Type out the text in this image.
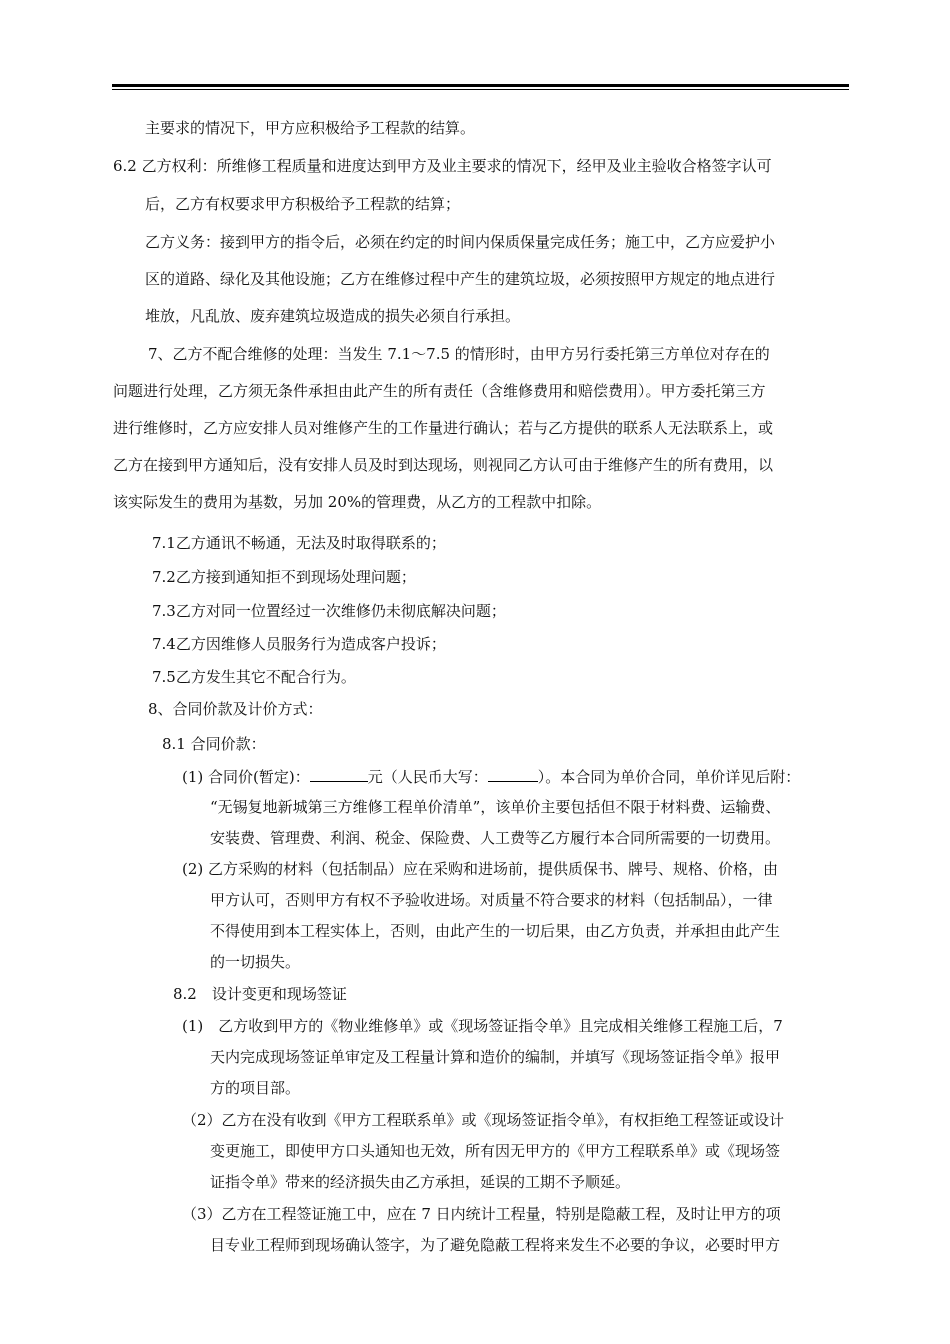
主要求的情况下，甲方应积极给予工程款的结算。
6.2 乙方权利：所维修工程质量和进度达到甲方及业主要求的情况下，经甲及业主验收合格签字认可
后，乙方有权要求甲方积极给予工程款的结算；
乙方义务：接到甲方的指令后，必须在约定的时间内保质保量完成任务；施工中，乙方应爱护小
区的道路、绿化及其他设施；乙方在维修过程中产生的建筑垃圾，必须按照甲方规定的地点进行
堆放，凡乱放、废弃建筑垃圾造成的损失必须自行承担。
7、乙方不配合维修的处理：当发生 7.1～7.5 的情形时，由甲方另行委托第三方单位对存在的
问题进行处理，乙方须无条件承担由此产生的所有责任（含维修费用和赔偿费用）。甲方委托第三方
进行维修时，乙方应安排人员对维修产生的工作量进行确认；若与乙方提供的联系人无法联系上，或
乙方在接到甲方通知后，没有安排人员及时到达现场，则视同乙方认可由于维修产生的所有费用，以
该实际发生的费用为基数，另加 20%的管理费，从乙方的工程款中扣除。
7.1乙方通讯不畅通，无法及时取得联系的；
7.2乙方接到通知拒不到现场处理问题；
7.3乙方对同一位置经过一次维修仍未彻底解决问题；
7.4乙方因维修人员服务行为造成客户投诉；
7.5乙方发生其它不配合行为。
8、合同价款及计价方式：
8.1 合同价款：
(1) 合同价(暂定)：	元（人民币大写：	）。本合同为单价合同，单价详见后附：
“无锡复地新城第三方维修工程单价清单”，该单价主要包括但不限于材料费、运输费、
安装费、管理费、利润、税金、保险费、人工费等乙方履行本合同所需要的一切费用。
(2) 乙方采购的材料（包括制品）应在采购和进场前，提供质保书、牌号、规格、价格，由
甲方认可，否则甲方有权不予验收进场。对质量不符合要求的材料（包括制品），一律
不得使用到本工程实体上，否则，由此产生的一切后果，由乙方负责，并承担由此产生
的一切损失。
8.2　设计变更和现场签证
(1)　乙方收到甲方的《物业维修单》或《现场签证指令单》且完成相关维修工程施工后，7
天内完成现场签证单审定及工程量计算和造价的编制，并填写《现场签证指令单》报甲
方的项目部。
（2）乙方在没有收到《甲方工程联系单》或《现场签证指令单》，有权拒绝工程签证或设计
变更施工，即使甲方口头通知也无效，所有因无甲方的《甲方工程联系单》或《现场签
证指令单》带来的经济损失由乙方承担，延误的工期不予顺延。
（3）乙方在工程签证施工中，应在 7 日内统计工程量，特别是隐蔽工程，及时让甲方的项
目专业工程师到现场确认签字，为了避免隐蔽工程将来发生不必要的争议，必要时甲方
